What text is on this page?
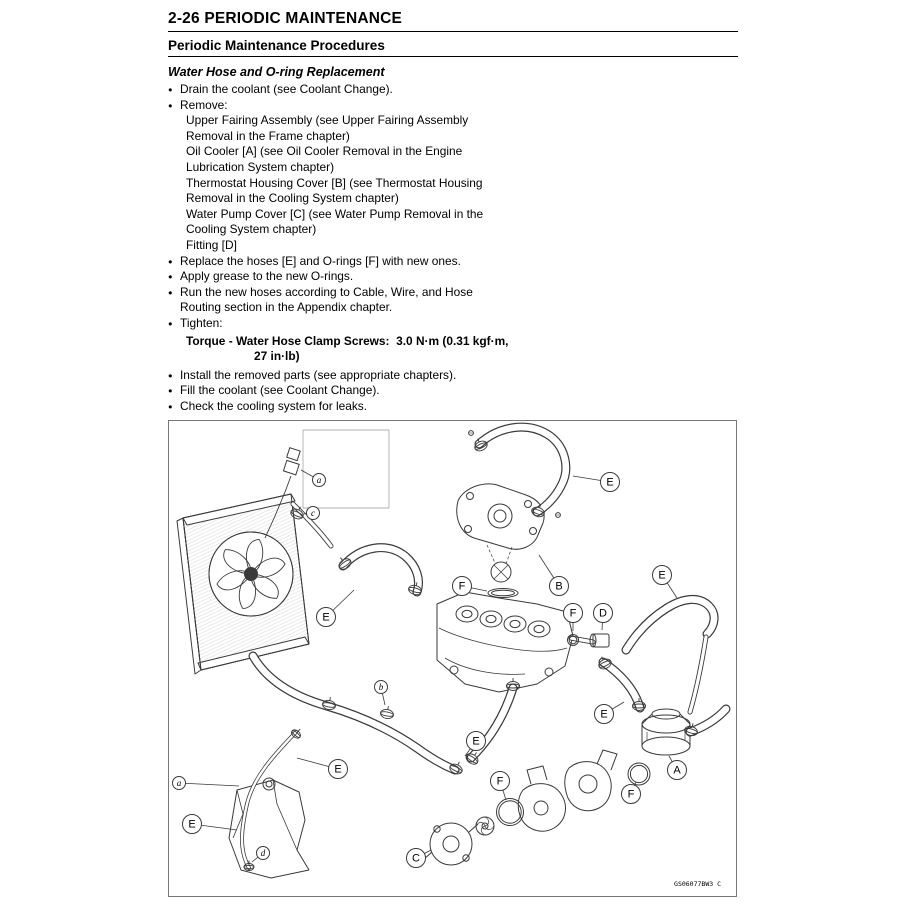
2-26 PERIODIC MAINTENANCE
Periodic Maintenance Procedures
Water Hose and O-ring Replacement
● Drain the coolant (see Coolant Change).
● Remove:
Upper Fairing Assembly (see Upper Fairing Assembly Removal in the Frame chapter)
Oil Cooler [A] (see Oil Cooler Removal in the Engine Lubrication System chapter)
Thermostat Housing Cover [B] (see Thermostat Housing Removal in the Cooling System chapter)
Water Pump Cover [C] (see Water Pump Removal in the Cooling System chapter)
Fitting [D]
● Replace the hoses [E] and O-rings [F] with new ones.
● Apply grease to the new O-rings.
● Run the new hoses according to Cable, Wire, and Hose Routing section in the Appendix chapter.
● Tighten:
Torque - Water Hose Clamp Screws:  3.0 N·m (0.31 kgf·m,
27 in·lb)
● Install the removed parts (see appropriate chapters).
● Fill the coolant (see Coolant Change).
● Check the cooling system for leaks.
a
c
E
E
F	B
E	F D
b
E
E
E	A
F
F
a
E
d	C
GS06077BW3 C
